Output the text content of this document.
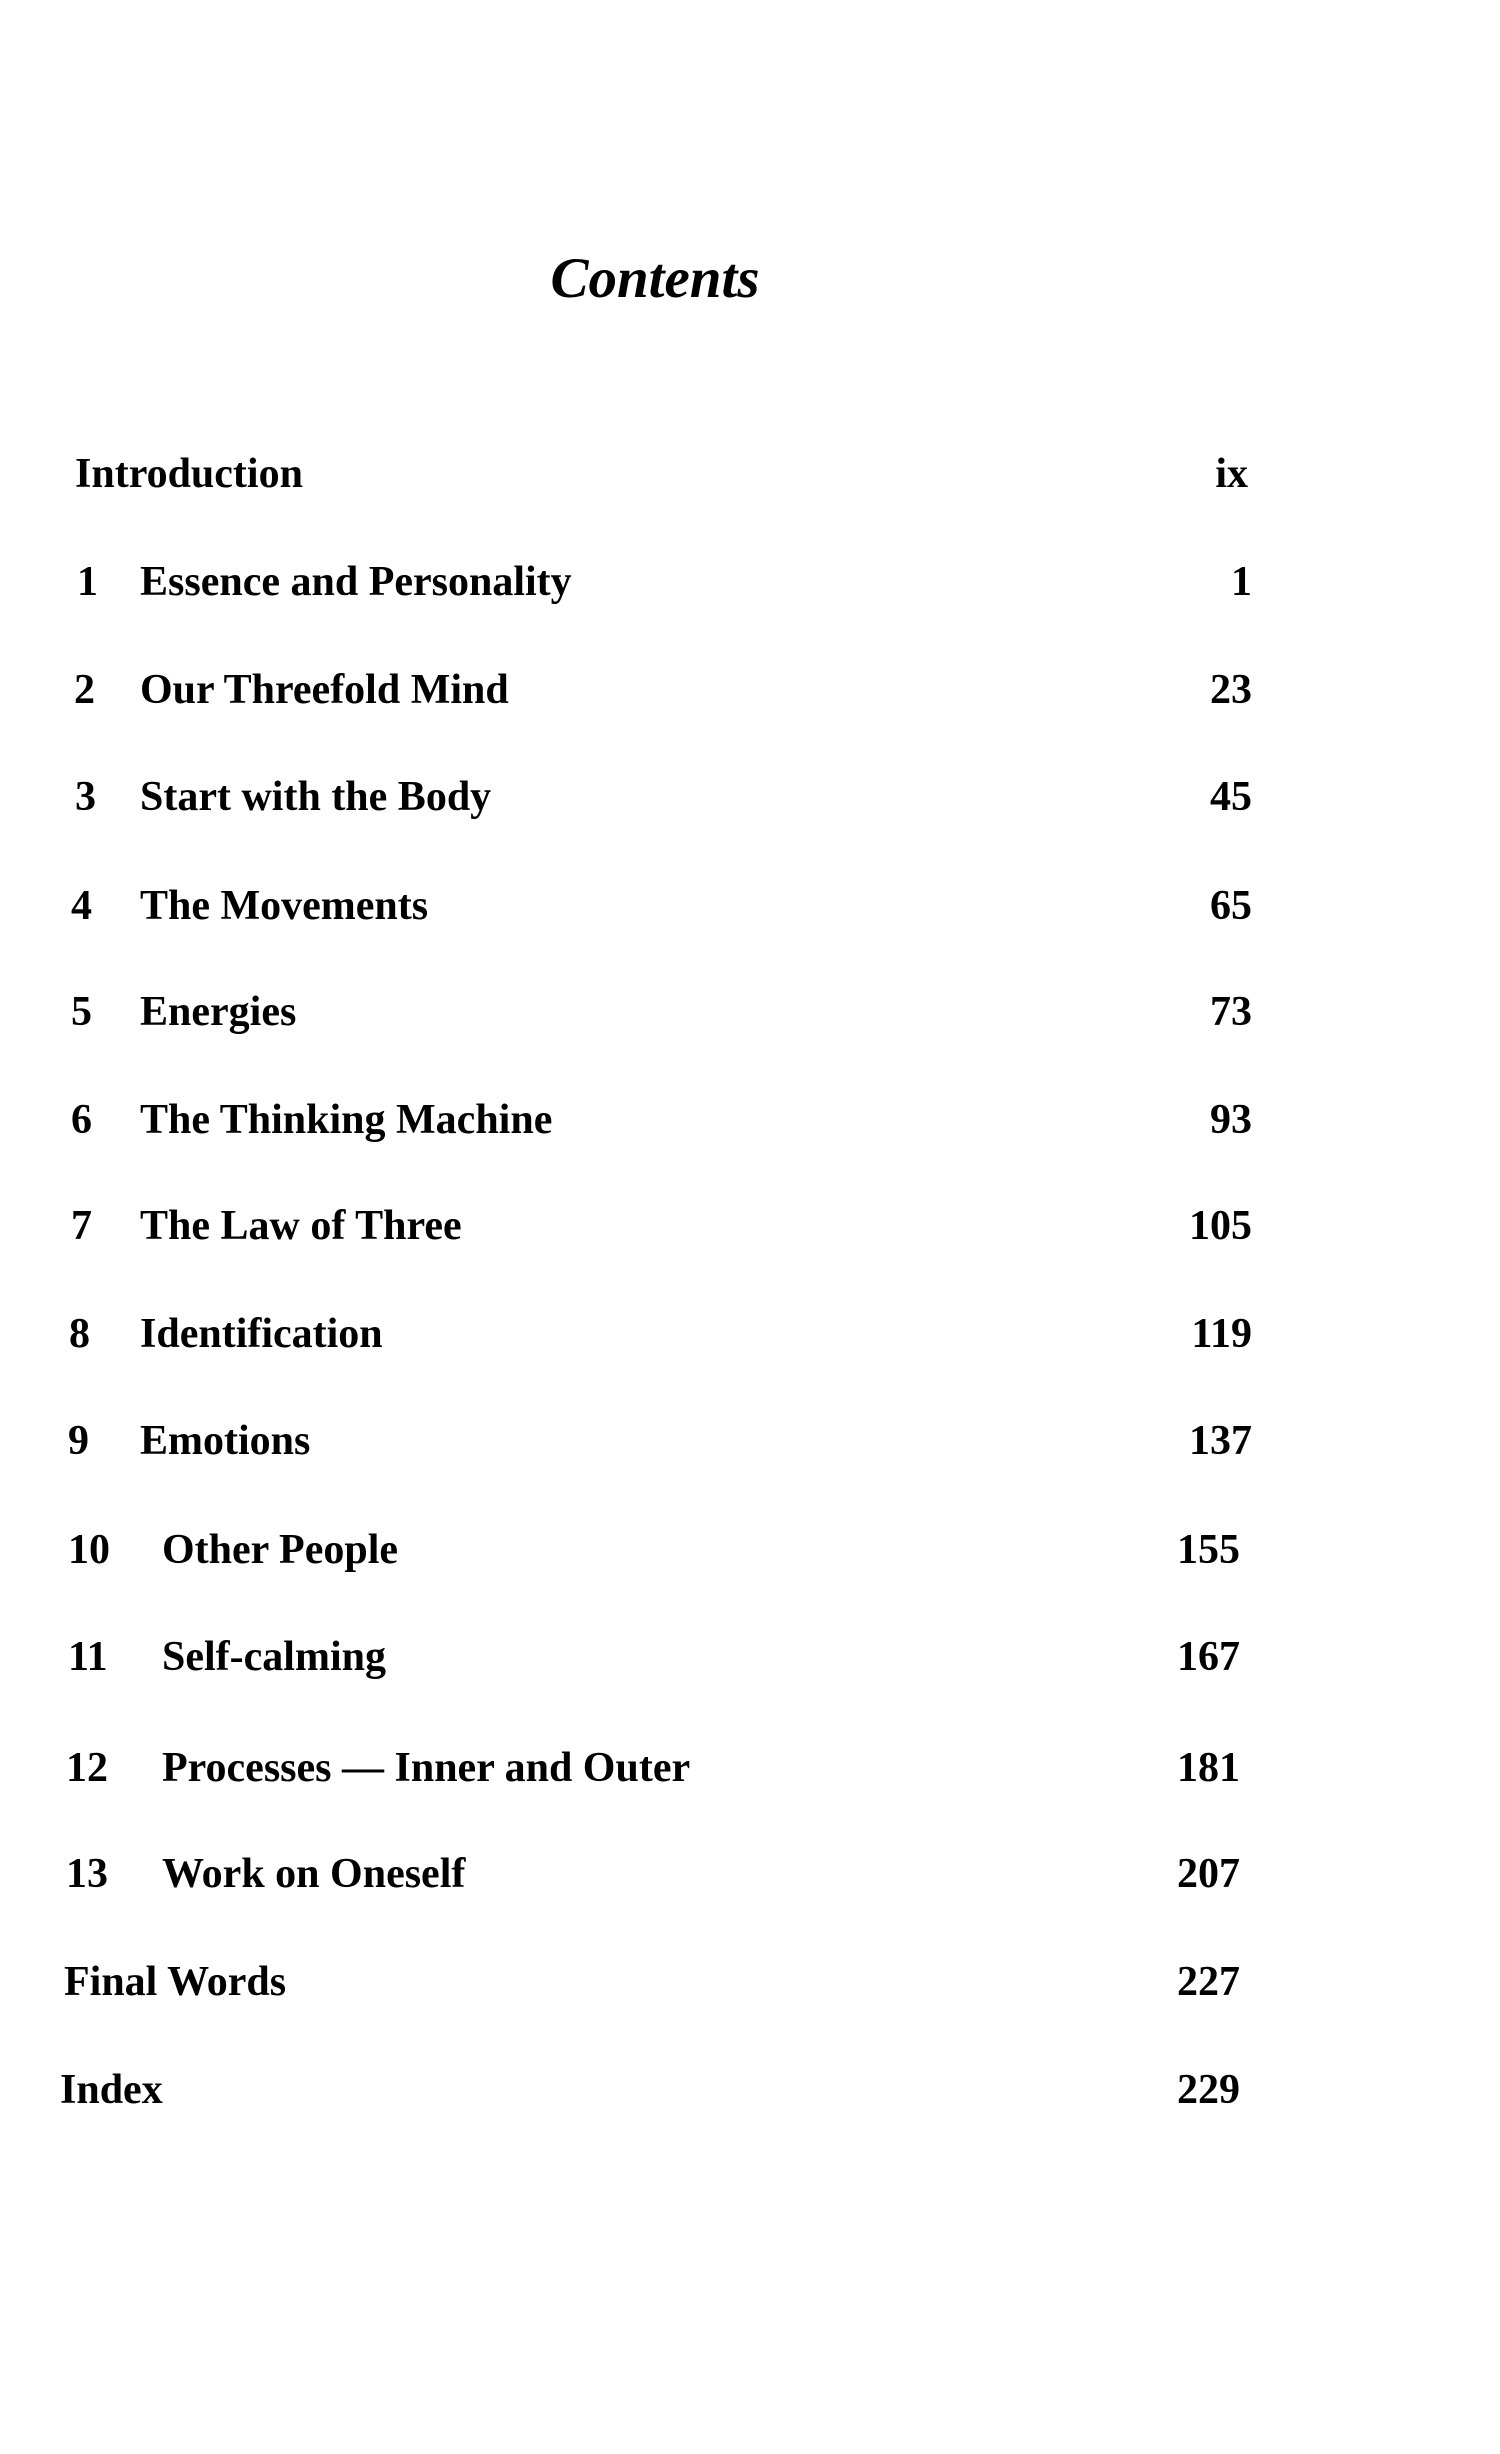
Contents
Introduction	ix
1 Essence and Personality	1
2 Our Threefold Mind	23
3 Start with the Body	45
4 The Movements	65
5 Energies	73
6 The Thinking Machine	93
7 The Law of Three	105
8 Identification	119
9 Emotions	137
10 Other People	155
11 Self-calming	167
12 Processes — Inner and Outer	181
13 Work on Oneself	207
Final Words	227
Index	229
